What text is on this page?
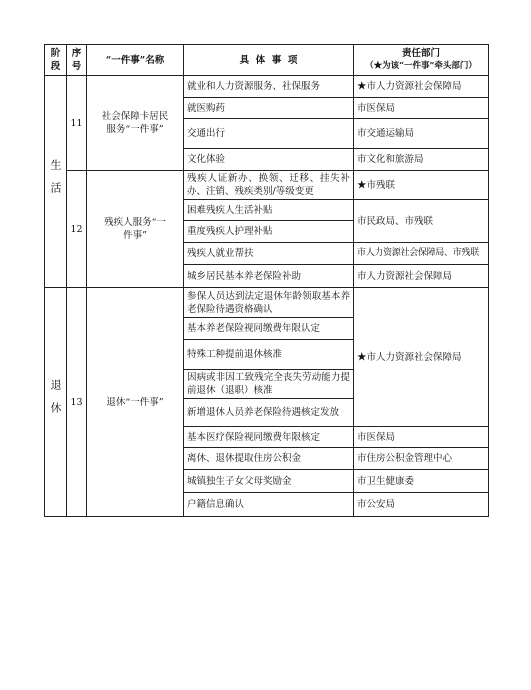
阶段	序号	“一件事”名称	具  体  事  项	责任部门
（★为该“一件事”牵头部门）

生活	11	社会保障卡居民服务“一件事”	就业和人力资源服务、社保服务	★市人力资源社会保障局
			就医购药	市医保局
			交通出行	市交通运输局
			文化体验	市文化和旅游局
	12	残疾人服务“一件事”	残疾人证新办、换领、迁移、挂失补办、注销、残疾类别/等级变更	★市残联
			困难残疾人生活补贴	市民政局、市残联
			重度残疾人护理补贴	
			残疾人就业帮扶	市人力资源社会保障局、市残联
			城乡居民基本养老保险补助	市人力资源社会保障局

退休	13	退休“一件事”	参保人员达到法定退休年龄领取基本养老保险待遇资格确认	★市人力资源社会保障局
			基本养老保险视同缴费年限认定	
			特殊工种提前退休核准	
			因病或非因工致残完全丧失劳动能力提前退休（退职）核准	
			新增退休人员养老保险待遇核定发放	
			基本医疗保险视同缴费年限核定	市医保局
			离休、退休提取住房公积金	市住房公积金管理中心
			城镇独生子女父母奖励金	市卫生健康委
			户籍信息确认	市公安局
